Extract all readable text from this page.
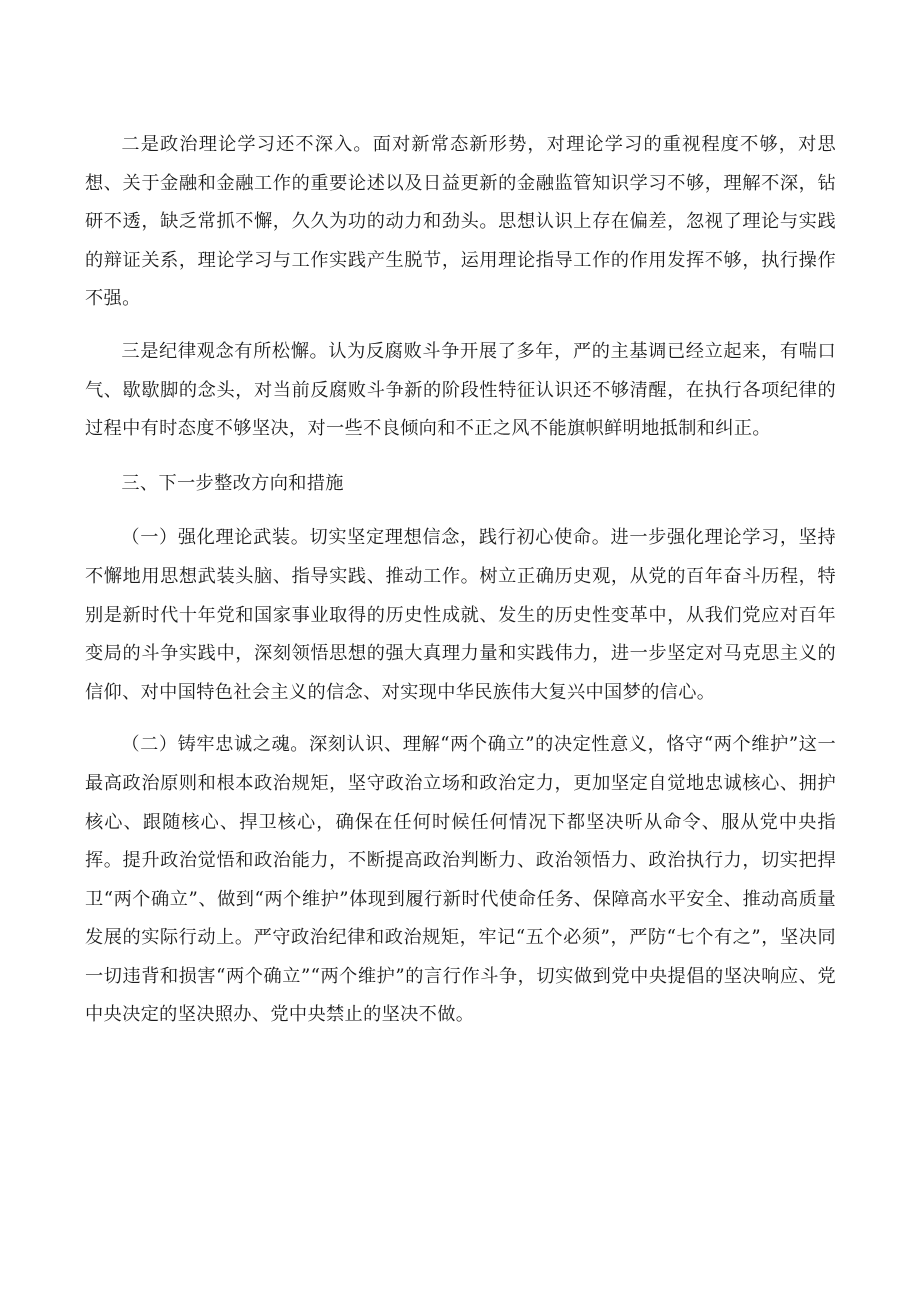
二是政治理论学习还不深入。面对新常态新形势，对理论学习的重视程度不够，对思想、关于金融和金融工作的重要论述以及日益更新的金融监管知识学习不够，理解不深，钻研不透，缺乏常抓不懈，久久为功的动力和劲头。思想认识上存在偏差，忽视了理论与实践的辩证关系，理论学习与工作实践产生脱节，运用理论指导工作的作用发挥不够，执行操作不强。

三是纪律观念有所松懈。认为反腐败斗争开展了多年，严的主基调已经立起来，有喘口气、歇歇脚的念头，对当前反腐败斗争新的阶段性特征认识还不够清醒，在执行各项纪律的过程中有时态度不够坚决，对一些不良倾向和不正之风不能旗帜鲜明地抵制和纠正。

三、下一步整改方向和措施

（一）强化理论武装。切实坚定理想信念，践行初心使命。进一步强化理论学习，坚持不懈地用思想武装头脑、指导实践、推动工作。树立正确历史观，从党的百年奋斗历程，特别是新时代十年党和国家事业取得的历史性成就、发生的历史性变革中，从我们党应对百年变局的斗争实践中，深刻领悟思想的强大真理力量和实践伟力，进一步坚定对马克思主义的信仰、对中国特色社会主义的信念、对实现中华民族伟大复兴中国梦的信心。

（二）铸牢忠诚之魂。深刻认识、理解“两个确立”的决定性意义，恪守“两个维护”这一最高政治原则和根本政治规矩，坚守政治立场和政治定力，更加坚定自觉地忠诚核心、拥护核心、跟随核心、捍卫核心，确保在任何时候任何情况下都坚决听从命令、服从党中央指挥。提升政治觉悟和政治能力，不断提高政治判断力、政治领悟力、政治执行力，切实把捍卫“两个确立”、做到“两个维护”体现到履行新时代使命任务、保障高水平安全、推动高质量发展的实际行动上。严守政治纪律和政治规矩，牢记“五个必须”，严防“七个有之”，坚决同一切违背和损害“两个确立”“两个维护”的言行作斗争，切实做到党中央提倡的坚决响应、党中央决定的坚决照办、党中央禁止的坚决不做。
